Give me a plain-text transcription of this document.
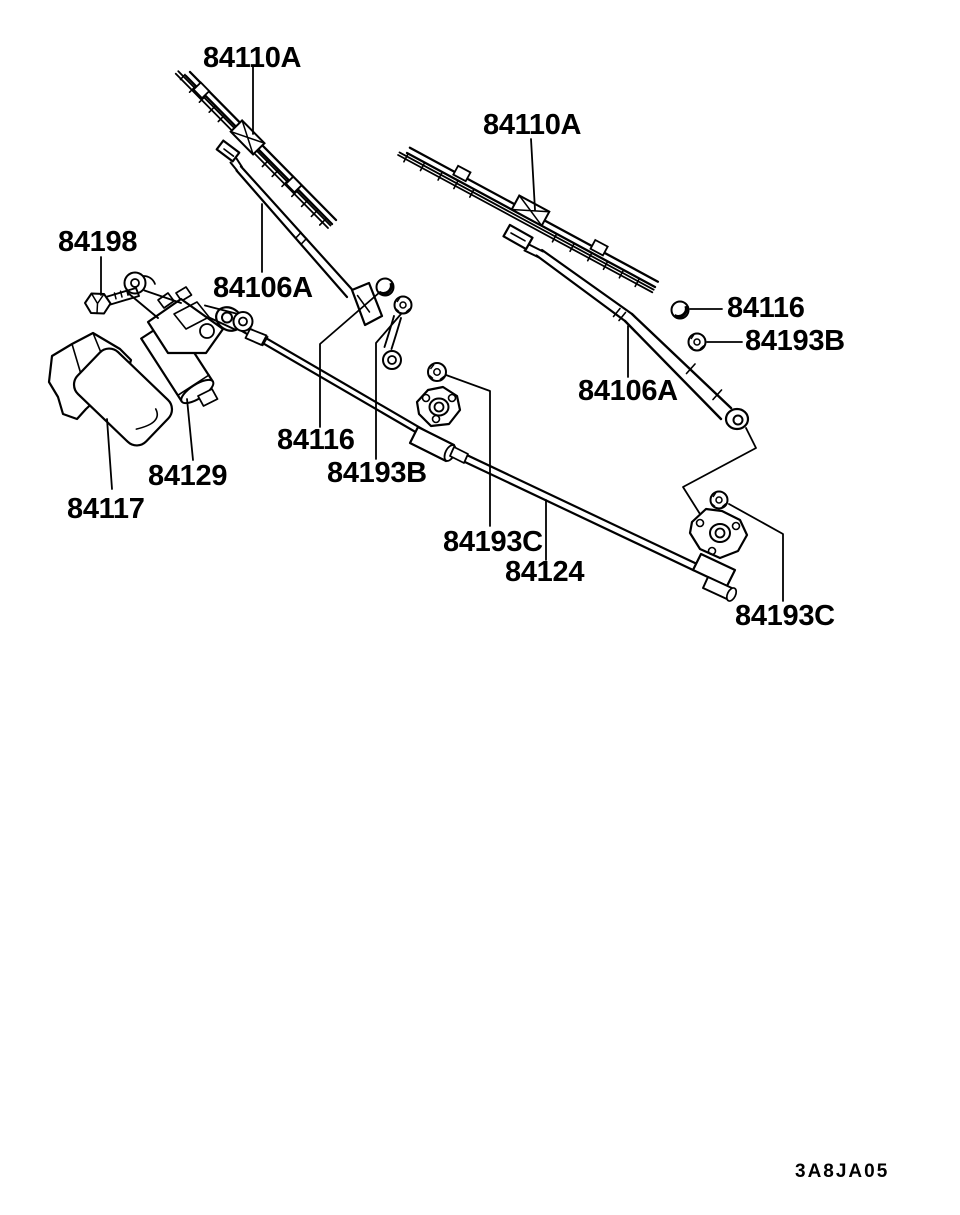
84110A
84110A
84198
84106A
84116
84193B
84106A
84116
84193B
84129
84117
84193C
84124
84193C
3A8JA05
